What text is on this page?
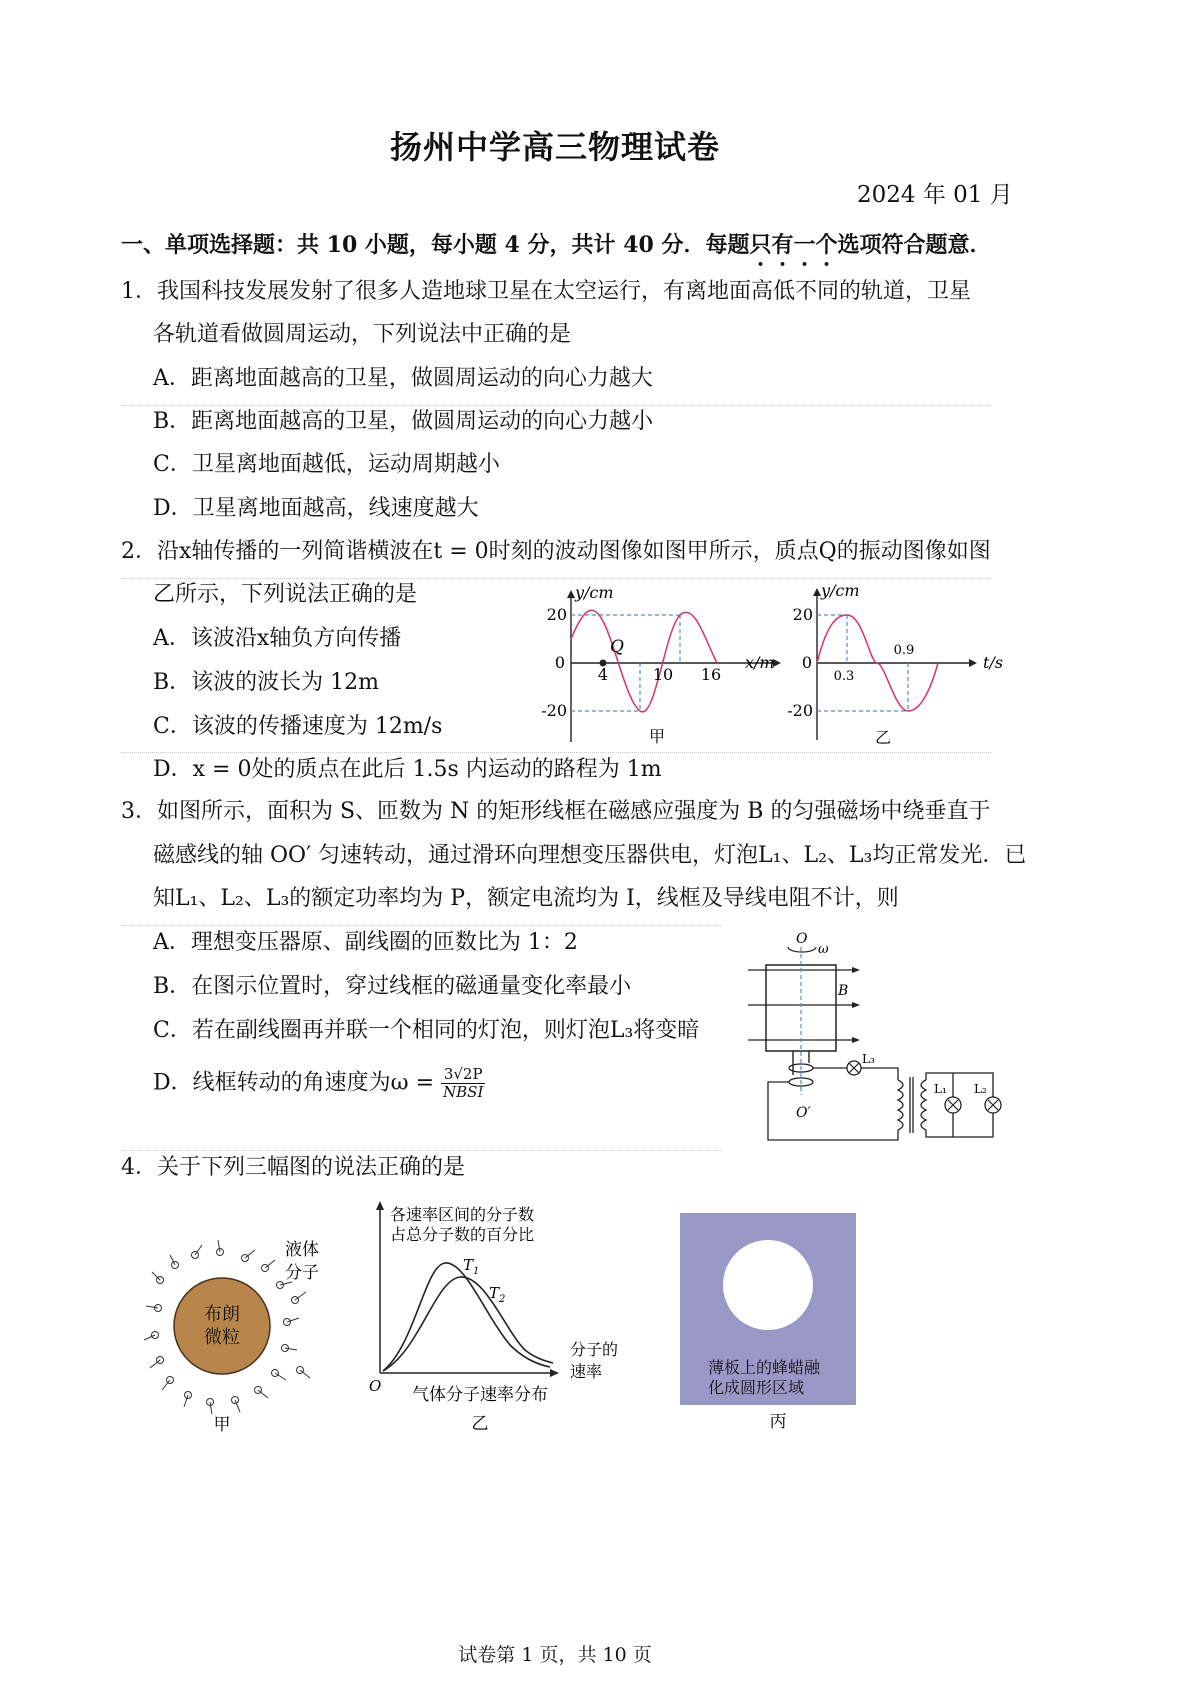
扬州中学高三物理试卷
2024 年 01 月
一、单项选择题：共 10 小题，每小题 4 分，共计 40 分．每题只有一个选项符合题意．
1．我国科技发展发射了很多人造地球卫星在太空运行，有离地面高低不同的轨道，卫星
各轨道看做圆周运动，下列说法中正确的是
A．距离地面越高的卫星，做圆周运动的向心力越大
B．距离地面越高的卫星，做圆周运动的向心力越小
C．卫星离地面越低，运动周期越小
D．卫星离地面越高，线速度越大
2．沿x轴传播的一列简谐横波在t = 0时刻的波动图像如图甲所示，质点Q的振动图像如图
乙所示，下列说法正确的是
A．该波沿x轴负方向传播
B．该波的波长为 12m
C．该波的传播速度为 12m/s
D．x = 0处的质点在此后 1.5s 内运动的路程为 1m
Q
y/cm
x/m
20
0
-20
4	10 16
甲
y/cm
t/s
20
0
-20
0.3
0.9
乙
3．如图所示，面积为 S、匝数为 N 的矩形线框在磁感应强度为 B 的匀强磁场中绕垂直于
磁感线的轴 OO′ 匀速转动，通过滑环向理想变压器供电，灯泡L₁、L₂、L₃均正常发光．已
知L₁、L₂、L₃的额定功率均为 P，额定电流均为 I，线框及导线电阻不计，则
A．理想变压器原、副线圈的匝数比为 1：2
B．在图示位置时，穿过线框的磁通量变化率最小
C．若在副线圈再并联一个相同的灯泡，则灯泡L₃将变暗
D．线框转动的角速度为$\omega = \frac{3√2P}{\text{NBSI}}$
O
ω
B
O′
L₃
L₁ L₂
4．关于下列三幅图的说法正确的是
布朗
微粒
液体
分子
甲
$T_1$
$T_2$
各速率区间的分子数
占总分子数的百分比
分子的
速率
O 气体分子速率分布
乙
薄板上的蜂蜡融
化成圆形区域
丙
试卷第 1 页，共 10 页
